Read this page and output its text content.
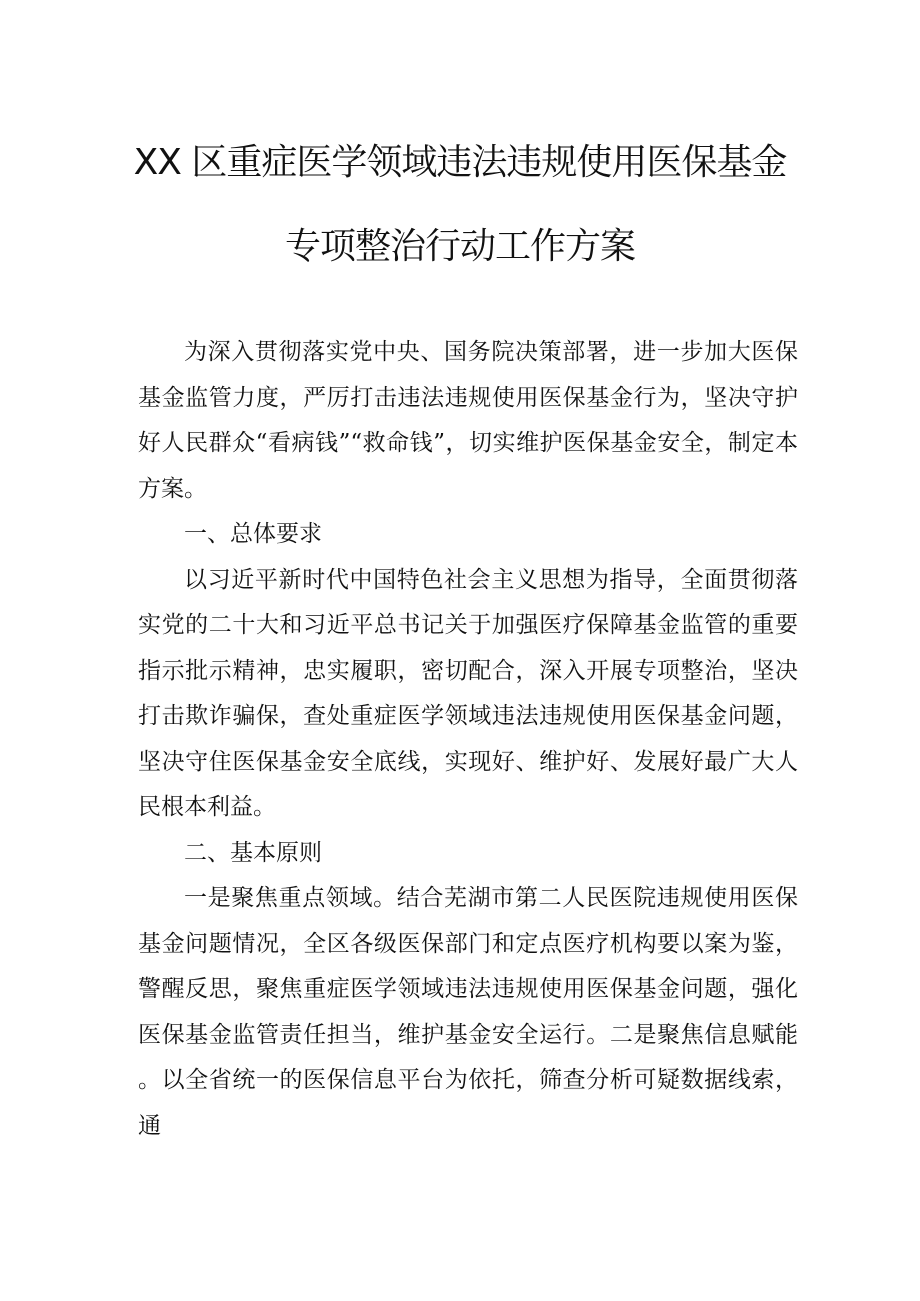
XX 区重症医学领域违法违规使用医保基金
专项整治行动工作方案

为深入贯彻落实党中央、国务院决策部署，进一步加大医保基金监管力度，严厉打击违法违规使用医保基金行为，坚决守护好人民群众“看病钱”“救命钱”，切实维护医保基金安全，制定本方案。

一、总体要求

以习近平新时代中国特色社会主义思想为指导，全面贯彻落实党的二十大和习近平总书记关于加强医疗保障基金监管的重要指示批示精神，忠实履职，密切配合，深入开展专项整治，坚决打击欺诈骗保，查处重症医学领域违法违规使用医保基金问题，坚决守住医保基金安全底线，实现好、维护好、发展好最广大人民根本利益。

二、基本原则

一是聚焦重点领域。结合芜湖市第二人民医院违规使用医保基金问题情况，全区各级医保部门和定点医疗机构要以案为鉴，警醒反思，聚焦重症医学领域违法违规使用医保基金问题，强化医保基金监管责任担当，维护基金安全运行。二是聚焦信息赋能。以全省统一的医保信息平台为依托，筛查分析可疑数据线索，通
